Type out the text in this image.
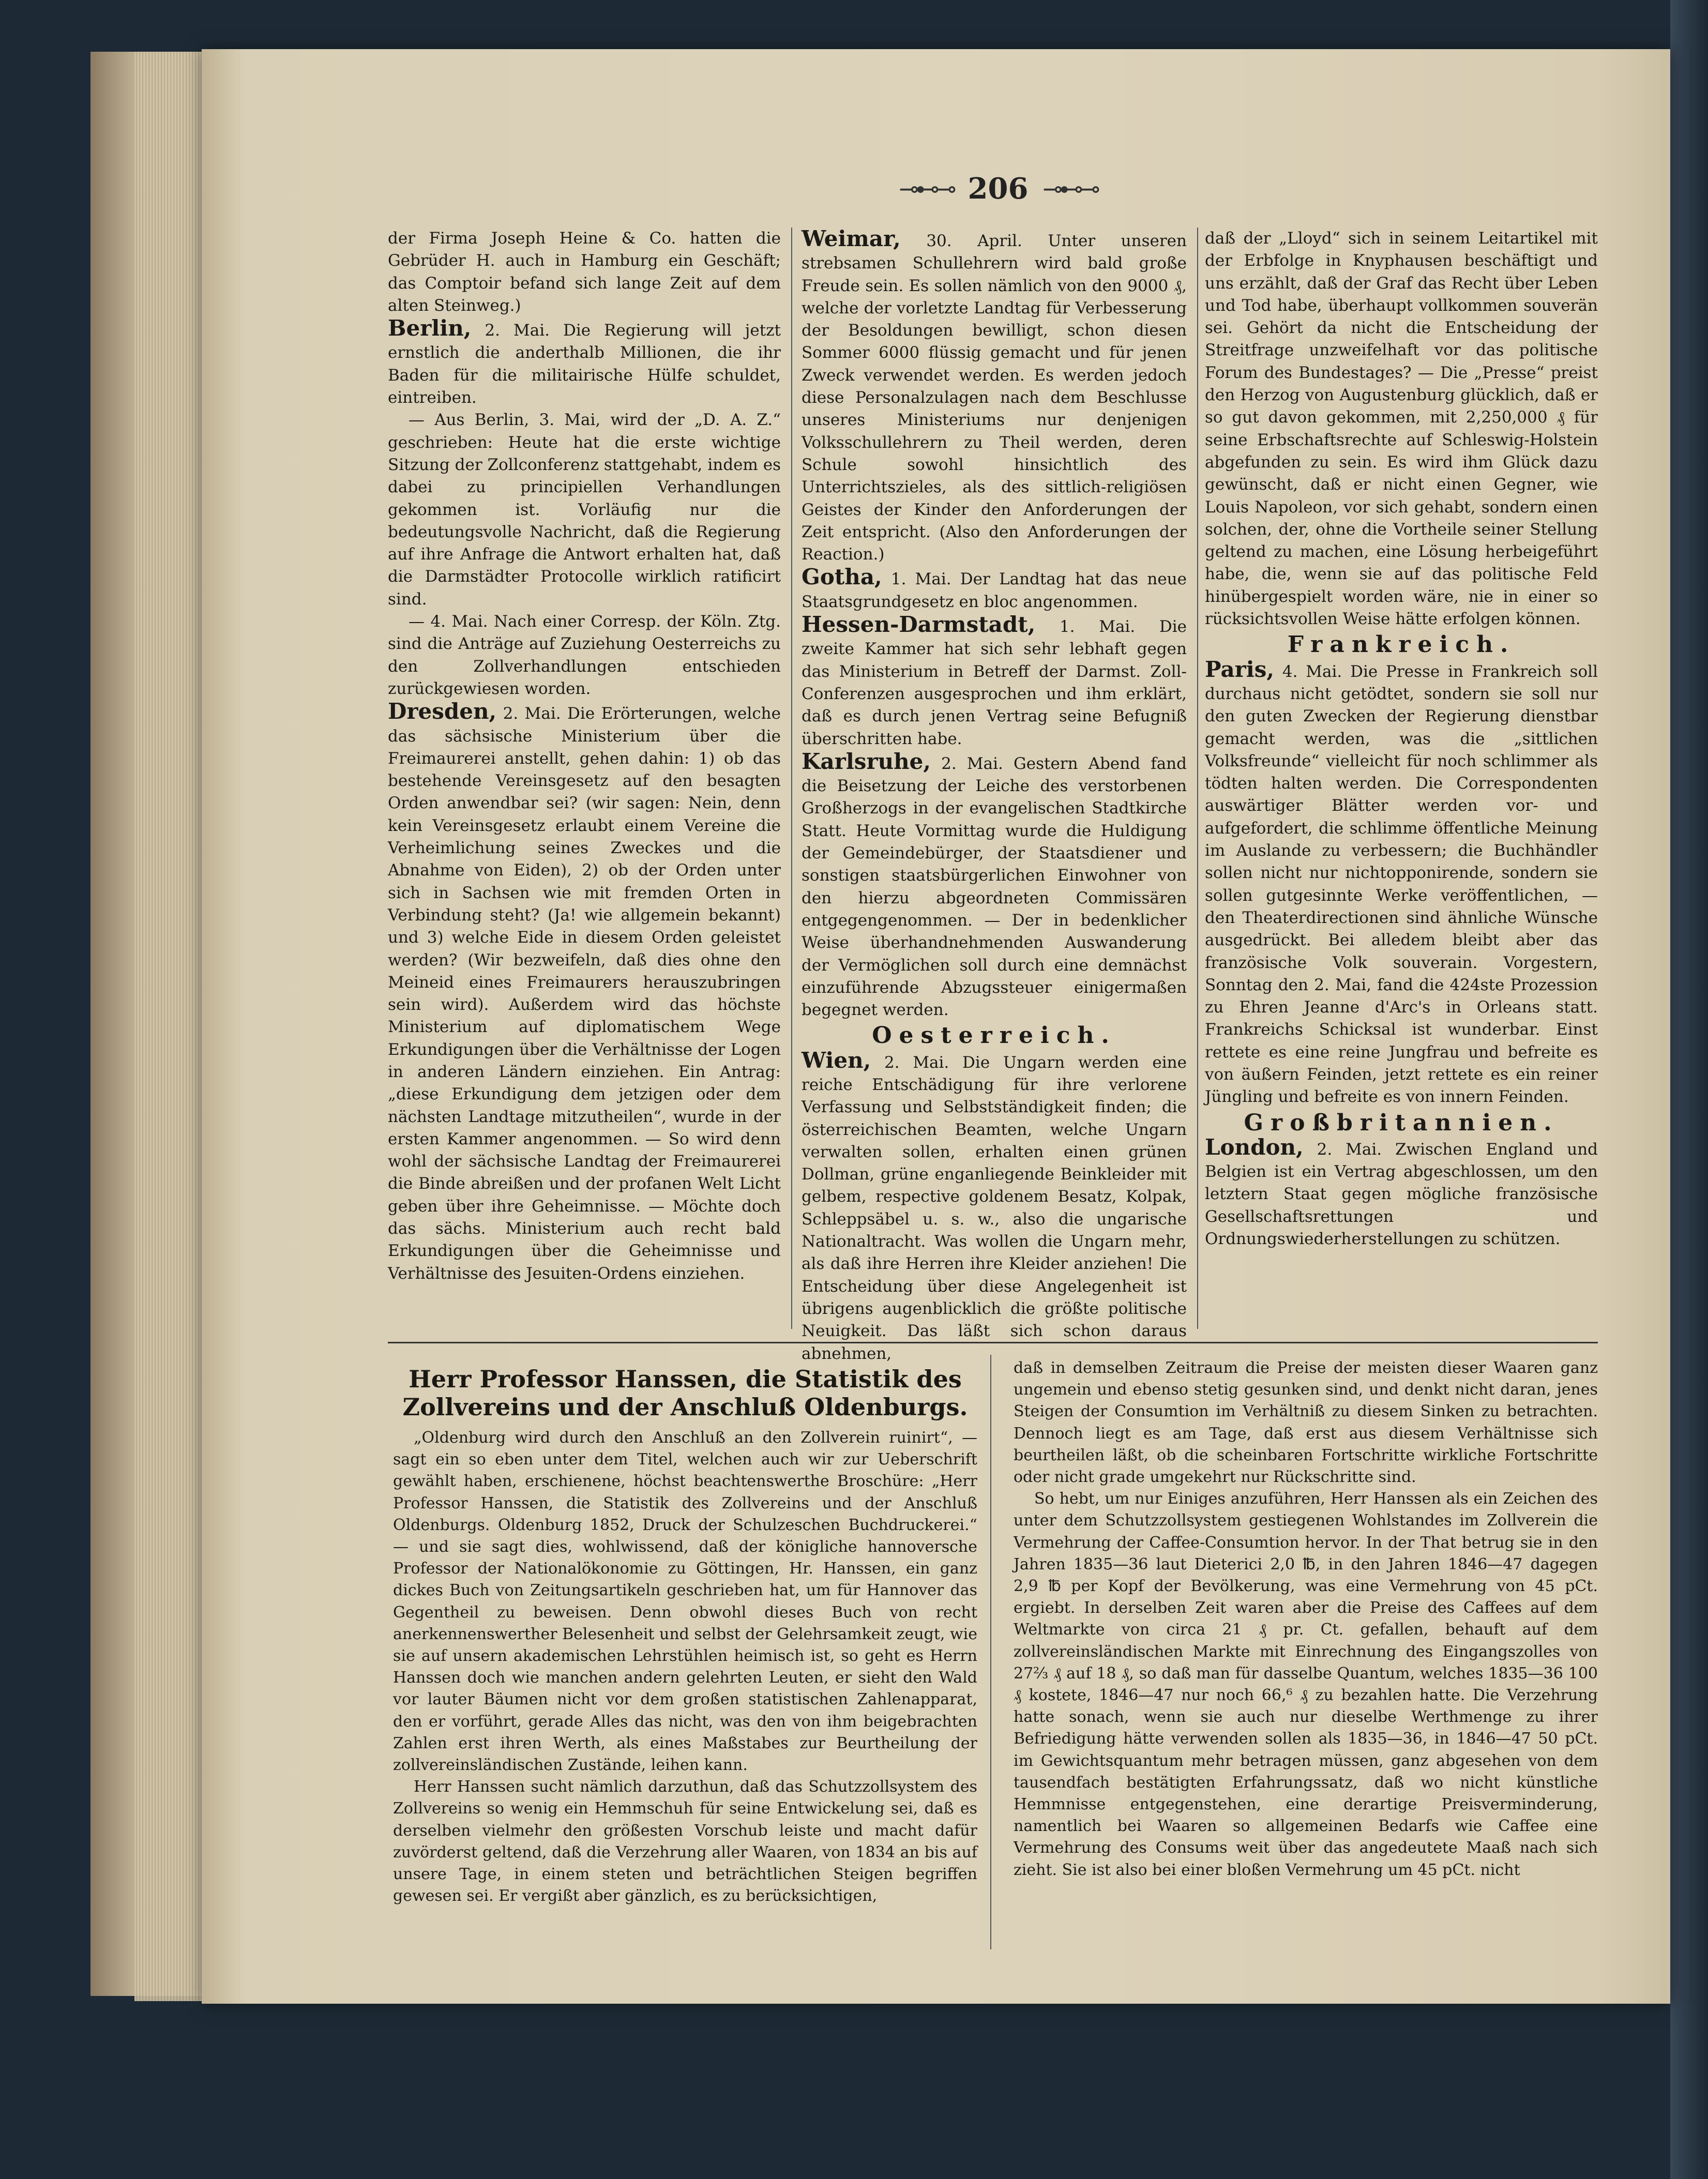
⊸⊷⊸ 206 ⊸⊷⊸

der Firma Joseph Heine & Co. hatten die Gebrüder H. auch in Hamburg ein Geschäft; das Comptoir befand sich lange Zeit auf dem alten Steinweg.)

Berlin, 2. Mai. Die Regierung will jetzt ernstlich die anderthalb Millionen, die ihr Baden für die militairische Hülfe schuldet, eintreiben.

— Aus Berlin, 3. Mai, wird der „D. A. Z.“ geschrieben: Heute hat die erste wichtige Sitzung der Zollconferenz stattgehabt, indem es dabei zu principiellen Verhandlungen gekommen ist. Vorläufig nur die bedeutungsvolle Nachricht, daß die Regierung auf ihre Anfrage die Antwort erhalten hat, daß die Darmstädter Protocolle wirklich ratificirt sind.

— 4. Mai. Nach einer Corresp. der Köln. Ztg. sind die Anträge auf Zuziehung Oesterreichs zu den Zollverhandlungen entschieden zurückgewiesen worden.

Dresden, 2. Mai. Die Erörterungen, welche das sächsische Ministerium über die Freimaurerei anstellt, gehen dahin: 1) ob das bestehende Vereinsgesetz auf den besagten Orden anwendbar sei? (wir sagen: Nein, denn kein Vereinsgesetz erlaubt einem Vereine die Verheimlichung seines Zweckes und die Abnahme von Eiden), 2) ob der Orden unter sich in Sachsen wie mit fremden Orten in Verbindung steht? (Ja! wie allgemein bekannt) und 3) welche Eide in diesem Orden geleistet werden? (Wir bezweifeln, daß dies ohne den Meineid eines Freimaurers herauszubringen sein wird). Außerdem wird das höchste Ministerium auf diplomatischem Wege Erkundigungen über die Verhältnisse der Logen in anderen Ländern einziehen. Ein Antrag: „diese Erkundigung dem jetzigen oder dem nächsten Landtage mitzutheilen“, wurde in der ersten Kammer angenommen. — So wird denn wohl der sächsische Landtag der Freimaurerei die Binde abreißen und der profanen Welt Licht geben über ihre Geheimnisse. — Möchte doch das sächs. Ministerium auch recht bald Erkundigungen über die Geheimnisse und Verhältnisse des Jesuiten-Ordens einziehen.

Weimar, 30. April. Unter unseren strebsamen Schullehrern wird bald große Freude sein. Es sollen nämlich von den 9000 ₰, welche der vorletzte Landtag für Verbesserung der Besoldungen bewilligt, schon diesen Sommer 6000 flüssig gemacht und für jenen Zweck verwendet werden. Es werden jedoch diese Personalzulagen nach dem Beschlusse unseres Ministeriums nur denjenigen Volksschullehrern zu Theil werden, deren Schule sowohl hinsichtlich des Unterrichtszieles, als des sittlich-religiösen Geistes der Kinder den Anforderungen der Zeit entspricht. (Also den Anforderungen der Reaction.)

Gotha, 1. Mai. Der Landtag hat das neue Staatsgrundgesetz en bloc angenommen.

Hessen-Darmstadt, 1. Mai. Die zweite Kammer hat sich sehr lebhaft gegen das Ministerium in Betreff der Darmst. Zoll-Conferenzen ausgesprochen und ihm erklärt, daß es durch jenen Vertrag seine Befugniß überschritten habe.

Karlsruhe, 2. Mai. Gestern Abend fand die Beisetzung der Leiche des verstorbenen Großherzogs in der evangelischen Stadtkirche Statt. Heute Vormittag wurde die Huldigung der Gemeindebürger, der Staatsdiener und sonstigen staatsbürgerlichen Einwohner von den hierzu abgeordneten Commissären entgegengenommen. — Der in bedenklicher Weise überhandnehmenden Auswanderung der Vermöglichen soll durch eine demnächst einzuführende Abzugssteuer einigermaßen begegnet werden.

Oesterreich.

Wien, 2. Mai. Die Ungarn werden eine reiche Entschädigung für ihre verlorene Verfassung und Selbstständigkeit finden; die österreichischen Beamten, welche Ungarn verwalten sollen, erhalten einen grünen Dollman, grüne enganliegende Beinkleider mit gelbem, respective goldenem Besatz, Kolpak, Schleppsäbel u. s. w., also die ungarische Nationaltracht. Was wollen die Ungarn mehr, als daß ihre Herren ihre Kleider anziehen! Die Entscheidung über diese Angelegenheit ist übrigens augenblicklich die größte politische Neuigkeit. Das läßt sich schon daraus abnehmen,

daß der „Lloyd“ sich in seinem Leitartikel mit der Erbfolge in Knyphausen beschäftigt und uns erzählt, daß der Graf das Recht über Leben und Tod habe, überhaupt vollkommen souverän sei. Gehört da nicht die Entscheidung der Streitfrage unzweifelhaft vor das politische Forum des Bundestages? — Die „Presse“ preist den Herzog von Augustenburg glücklich, daß er so gut davon gekommen, mit 2,250,000 ₰ für seine Erbschaftsrechte auf Schleswig-Holstein abgefunden zu sein. Es wird ihm Glück dazu gewünscht, daß er nicht einen Gegner, wie Louis Napoleon, vor sich gehabt, sondern einen solchen, der, ohne die Vortheile seiner Stellung geltend zu machen, eine Lösung herbeigeführt habe, die, wenn sie auf das politische Feld hinübergespielt worden wäre, nie in einer so rücksichtsvollen Weise hätte erfolgen können.

Frankreich.

Paris, 4. Mai. Die Presse in Frankreich soll durchaus nicht getödtet, sondern sie soll nur den guten Zwecken der Regierung dienstbar gemacht werden, was die „sittlichen Volksfreunde“ vielleicht für noch schlimmer als tödten halten werden. Die Correspondenten auswärtiger Blätter werden vor- und aufgefordert, die schlimme öffentliche Meinung im Auslande zu verbessern; die Buchhändler sollen nicht nur nichtopponirende, sondern sie sollen gutgesinnte Werke veröffentlichen, — den Theaterdirectionen sind ähnliche Wünsche ausgedrückt. Bei alledem bleibt aber das französische Volk souverain. Vorgestern, Sonntag den 2. Mai, fand die 424ste Prozession zu Ehren Jeanne d'Arc's in Orleans statt. Frankreichs Schicksal ist wunderbar. Einst rettete es eine reine Jungfrau und befreite es von äußern Feinden, jetzt rettete es ein reiner Jüngling und befreite es von innern Feinden.

Großbritannien.

London, 2. Mai. Zwischen England und Belgien ist ein Vertrag abgeschlossen, um den letztern Staat gegen mögliche französische Gesellschaftsrettungen und Ordnungswiederherstellungen zu schützen.

Herr Professor Hanssen, die Statistik des Zollvereins und der Anschluß Oldenburgs.

„Oldenburg wird durch den Anschluß an den Zollverein ruinirt“, — sagt ein so eben unter dem Titel, welchen auch wir zur Ueberschrift gewählt haben, erschienene, höchst beachtenswerthe Broschüre: „Herr Professor Hanssen, die Statistik des Zollvereins und der Anschluß Oldenburgs. Oldenburg 1852, Druck der Schulzeschen Buchdruckerei.“ — und sie sagt dies, wohlwissend, daß der königliche hannoversche Professor der Nationalökonomie zu Göttingen, Hr. Hanssen, ein ganz dickes Buch von Zeitungsartikeln geschrieben hat, um für Hannover das Gegentheil zu beweisen. Denn obwohl dieses Buch von recht anerkennenswerther Belesenheit und selbst der Gelehrsamkeit zeugt, wie sie auf unsern akademischen Lehrstühlen heimisch ist, so geht es Herrn Hanssen doch wie manchen andern gelehrten Leuten, er sieht den Wald vor lauter Bäumen nicht vor dem großen statistischen Zahlenapparat, den er vorführt, gerade Alles das nicht, was den von ihm beigebrachten Zahlen erst ihren Werth, als eines Maßstabes zur Beurtheilung der zollvereinsländischen Zustände, leihen kann.

Herr Hanssen sucht nämlich darzuthun, daß das Schutzzollsystem des Zollvereins so wenig ein Hemmschuh für seine Entwickelung sei, daß es derselben vielmehr den größesten Vorschub leiste und macht dafür zuvörderst geltend, daß die Verzehrung aller Waaren, von 1834 an bis auf unsere Tage, in einem steten und beträchtlichen Steigen begriffen gewesen sei. Er vergißt aber gänzlich, es zu berücksichtigen,

daß in demselben Zeitraum die Preise der meisten dieser Waaren ganz ungemein und ebenso stetig gesunken sind, und denkt nicht daran, jenes Steigen der Consumtion im Verhältniß zu diesem Sinken zu betrachten. Dennoch liegt es am Tage, daß erst aus diesem Verhältnisse sich beurtheilen läßt, ob die scheinbaren Fortschritte wirkliche Fortschritte oder nicht grade umgekehrt nur Rückschritte sind.

So hebt, um nur Einiges anzuführen, Herr Hanssen als ein Zeichen des unter dem Schutzzollsystem gestiegenen Wohlstandes im Zollverein die Vermehrung der Caffee-Consumtion hervor. In der That betrug sie in den Jahren 1835—36 laut Dieterici 2,0 ℔, in den Jahren 1846—47 dagegen 2,9 ℔ per Kopf der Bevölkerung, was eine Vermehrung von 45 pCt. ergiebt. In derselben Zeit waren aber die Preise des Caffees auf dem Weltmarkte von circa 21 ₰ pr. Ct. gefallen, behauft auf dem zollvereinsländischen Markte mit Einrechnung des Eingangszolles von 27⅔ ₰ auf 18 ₰, so daß man für dasselbe Quantum, welches 1835—36 100 ₰ kostete, 1846—47 nur noch 66,⁶ ₰ zu bezahlen hatte. Die Verzehrung hatte sonach, wenn sie auch nur dieselbe Werthmenge zu ihrer Befriedigung hätte verwenden sollen als 1835—36, in 1846—47 50 pCt. im Gewichtsquantum mehr betragen müssen, ganz abgesehen von dem tausendfach bestätigten Erfahrungssatz, daß wo nicht künstliche Hemmnisse entgegenstehen, eine derartige Preisverminderung, namentlich bei Waaren so allgemeinen Bedarfs wie Caffee eine Vermehrung des Consums weit über das angedeutete Maaß nach sich zieht. Sie ist also bei einer bloßen Vermehrung um 45 pCt. nicht
